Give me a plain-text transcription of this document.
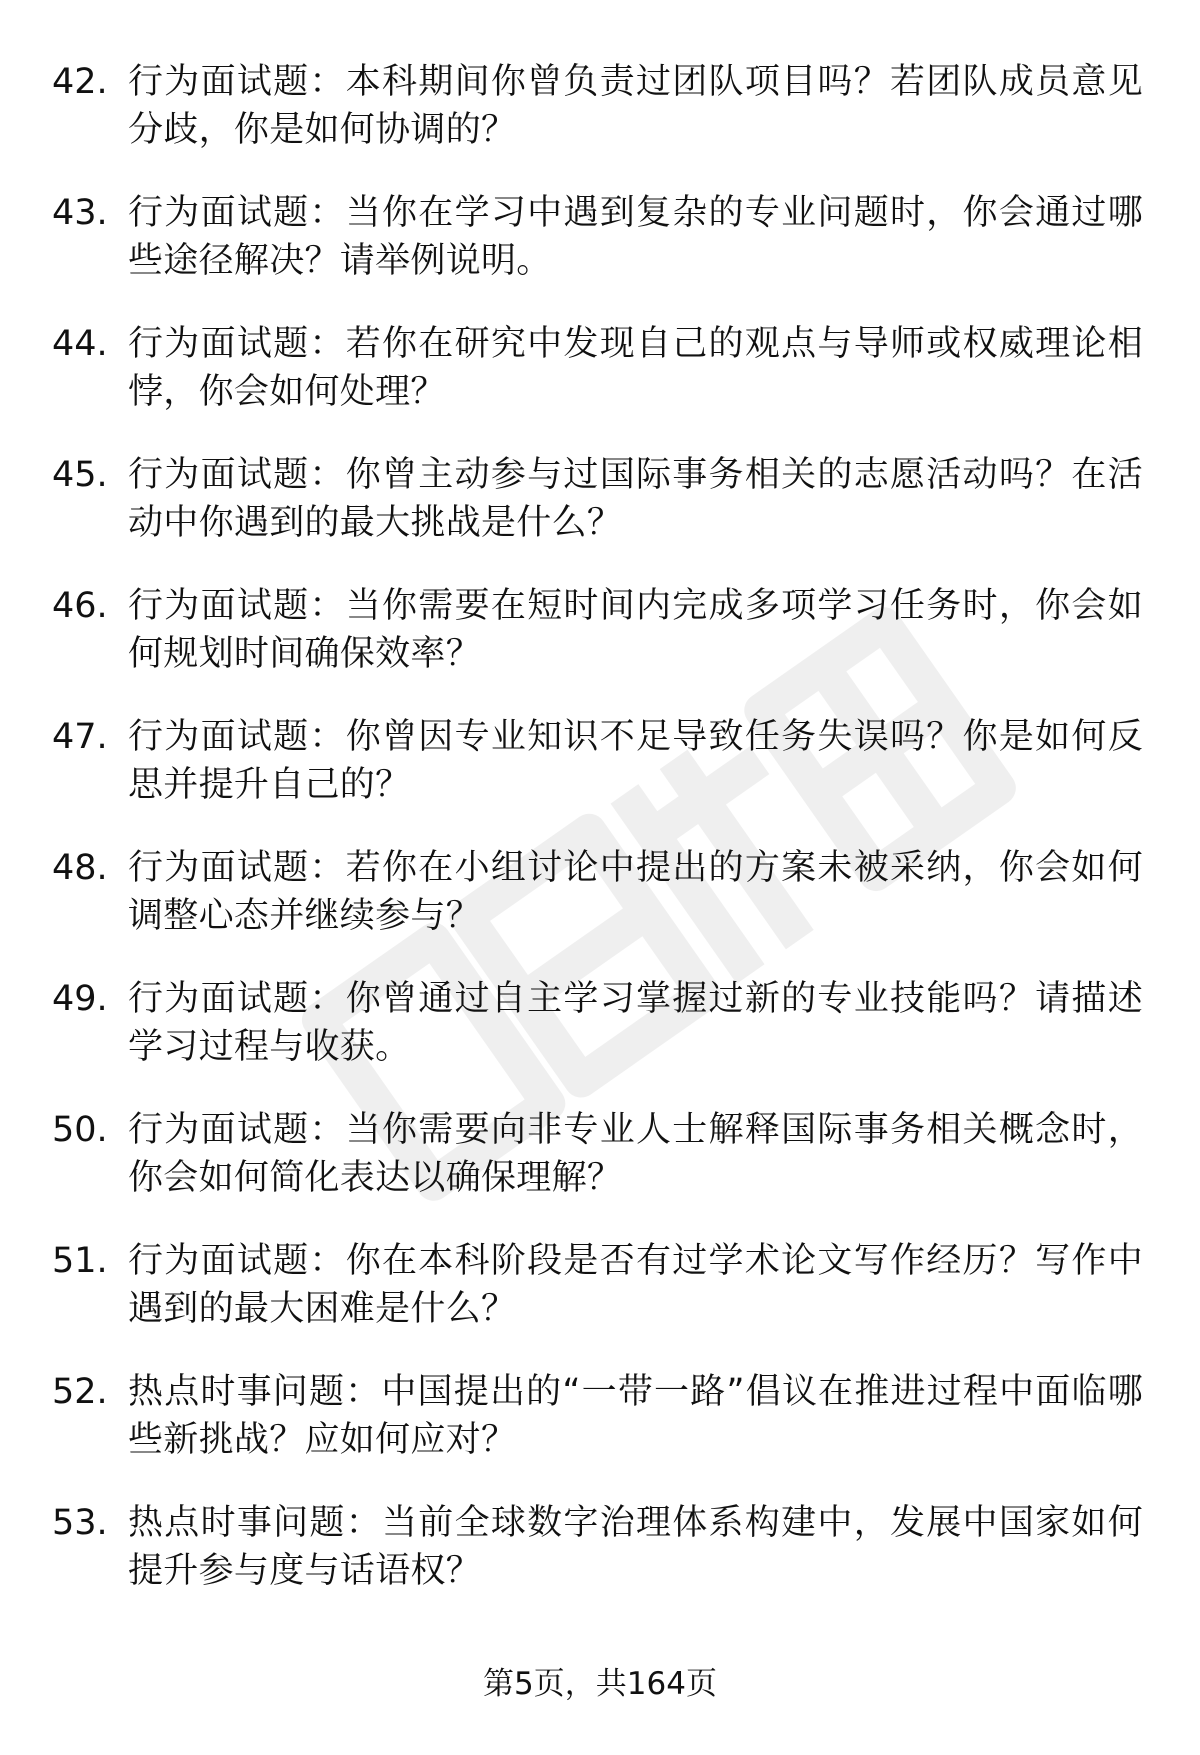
42. 行为面试题：本科期间你曾负责过团队项目吗？若团队成员意见分歧，你是如何协调的？
43. 行为面试题：当你在学习中遇到复杂的专业问题时，你会通过哪些途径解决？请举例说明。
44. 行为面试题：若你在研究中发现自己的观点与导师或权威理论相悖，你会如何处理？
45. 行为面试题：你曾主动参与过国际事务相关的志愿活动吗？在活动中你遇到的最大挑战是什么？
46. 行为面试题：当你需要在短时间内完成多项学习任务时，你会如何规划时间确保效率？
47. 行为面试题：你曾因专业知识不足导致任务失误吗？你是如何反思并提升自己的？
48. 行为面试题：若你在小组讨论中提出的方案未被采纳，你会如何调整心态并继续参与？
49. 行为面试题：你曾通过自主学习掌握过新的专业技能吗？请描述学习过程与收获。
50. 行为面试题：当你需要向非专业人士解释国际事务相关概念时，你会如何简化表达以确保理解？
51. 行为面试题：你在本科阶段是否有过学术论文写作经历？写作中遇到的最大困难是什么？
52. 热点时事问题：中国提出的“一带一路”倡议在推进过程中面临哪些新挑战？应如何应对？
53. 热点时事问题：当前全球数字治理体系构建中，发展中国家如何提升参与度与话语权？
第5页，共164页
